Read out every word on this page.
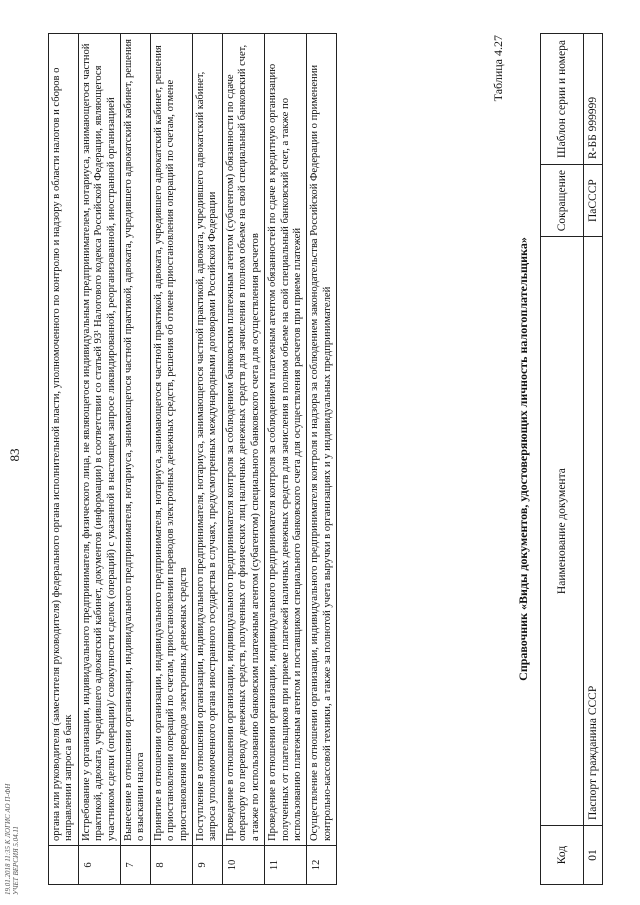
83
		органа или руководителя (заместителя руководителя) федерального органа исполнительной власти, уполномоченного по контролю и надзору в области налогов и сборов о направлении запроса в банк
6	Истребование у организации, индивидуального предпринимателя, физического лица, не являющегося индивидуальным предпринимателем, нотариуса, занимающегося частной практикой, адвоката, учредившего адвокатский кабинет, документов (информации) в соответствии со статьей 93¹ Налогового кодекса Российской Федерации, являющегося участником сделки (операции)/ совокупности сделок (операций) с указанной в настоящем запросе ликвидированной, реорганизованной, иностранной организацией
7	Вынесение в отношении организации, индивидуального предпринимателя, нотариуса, занимающегося частной практикой, адвоката, учредившего адвокатский кабинет, решения о взыскании налога
8	Принятие в отношении организации, индивидуального предпринимателя, нотариуса, занимающегося частной практикой, адвоката, учредившего адвокатский кабинет, решения о приостановлении операций по счетам, приостановлении переводов электронных денежных средств, решения об отмене приостановления операций по счетам, отмене приостановления переводов электронных денежных средств
9	Поступление в отношении организации, индивидуального предпринимателя, нотариуса, занимающегося частной практикой, адвоката, учредившего адвокатский кабинет, запроса уполномоченного органа иностранного государства в случаях, предусмотренных международными договорами Российской Федерации
10	Проведение в отношении организации, индивидуального предпринимателя контроля за соблюдением банковским платежным агентом (субагентом) обязанности по сдаче оператору по переводу денежных средств, полученных от физических лиц наличных денежных средств для зачисления в полном объеме на свой специальный банковский счет, а также по использованию банковским платежным агентом (субагентом) специального банковского счета для осуществления расчетов
11	Проведение в отношении организации, индивидуального предпринимателя контроля за соблюдением платежным агентом обязанностей по сдаче в кредитную организацию полученных от плательщиков при приеме платежей наличных денежных средств для зачисления в полном объеме на свой специальный банковский счет, а также по использованию платежным агентом и поставщиком специального банковского счета для осуществления расчетов при приеме платежей
12	Осуществление в отношении организации, индивидуального предпринимателя контроля и надзора за соблюдением законодательства Российской Федерации о применении контрольно-кассовой техники, а также за полнотой учета выручки в организациях и у индивидуальных предпринимателей
Таблица 4.27
Справочник «Виды документов, удостоверяющих личность налогоплательщика»
Код	Наименование документа	Сокращение	Шаблон серии и номера
01	Паспорт гражданина СССР	ПаСССР	R-ББ 999999
19.01.2018 11:35 К ЛОГИС АО П-ФН УЧЕТ ВЕРСИЯ 5.04.11
